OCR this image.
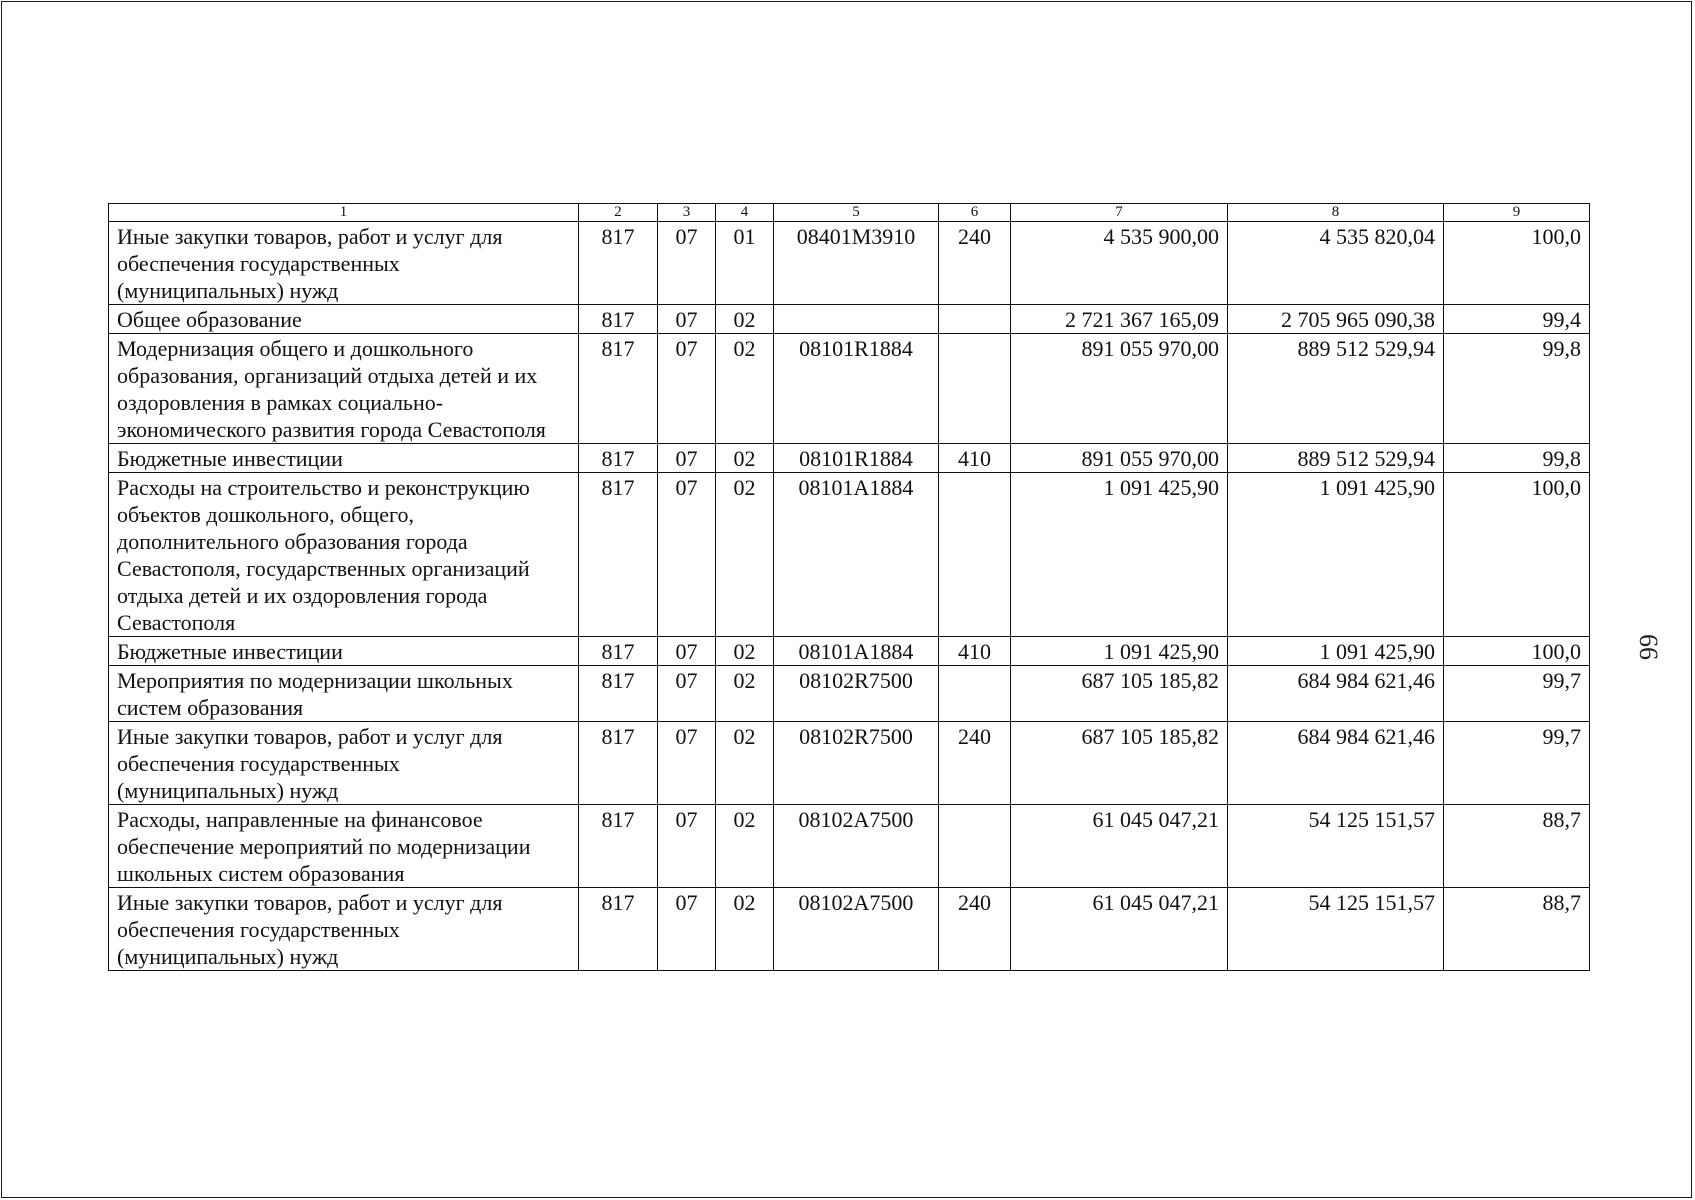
1	2	3	4	5	6	7	8	9
Иные закупки товаров, работ и услуг для обеспечения государственных (муниципальных) нужд	817	07	01	08401M3910	240	4 535 900,00	4 535 820,04	100,0
Общее образование	817	07	02			2 721 367 165,09	2 705 965 090,38	99,4
Модернизация общего и дошкольного образования, организаций отдыха детей и их оздоровления в рамках социально-экономического развития города Севастополя	817	07	02	08101R1884		891 055 970,00	889 512 529,94	99,8
Бюджетные инвестиции	817	07	02	08101R1884	410	891 055 970,00	889 512 529,94	99,8
Расходы на строительство и реконструкцию объектов дошкольного, общего, дополнительного образования города Севастополя, государственных организаций отдыха детей и их оздоровления города Севастополя	817	07	02	08101A1884		1 091 425,90	1 091 425,90	100,0
Бюджетные инвестиции	817	07	02	08101A1884	410	1 091 425,90	1 091 425,90	100,0
Мероприятия по модернизации школьных систем образования	817	07	02	08102R7500		687 105 185,82	684 984 621,46	99,7
Иные закупки товаров, работ и услуг для обеспечения государственных (муниципальных) нужд	817	07	02	08102R7500	240	687 105 185,82	684 984 621,46	99,7
Расходы, направленные на финансовое обеспечение мероприятий по модернизации школьных систем образования	817	07	02	08102A7500		61 045 047,21	54 125 151,57	88,7
Иные закупки товаров, работ и услуг для обеспечения государственных (муниципальных) нужд	817	07	02	08102A7500	240	61 045 047,21	54 125 151,57	88,7
66
